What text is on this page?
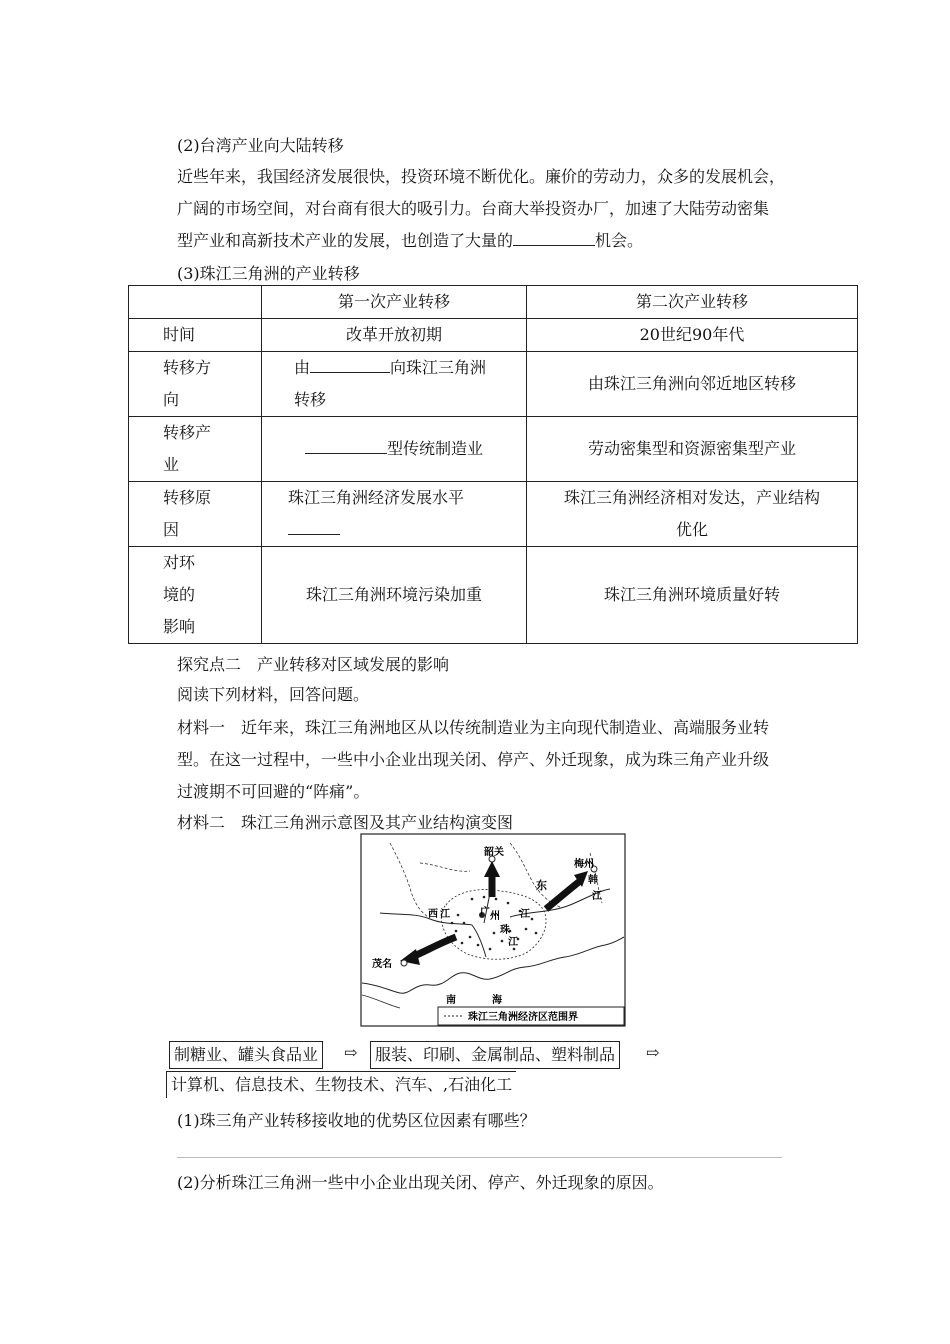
(2)台湾产业向大陆转移
近些年来，我国经济发展很快，投资环境不断优化。廉价的劳动力，众多的发展机会，
广阔的市场空间，对台商有很大的吸引力。台商大举投资办厂，加速了大陆劳动密集
型产业和高新技术产业的发展，也创造了大量的	机会。
(3)珠江三角洲的产业转移
	第一次产业转移	第二次产业转移

时间	改革开放初期	20世纪90年代

转移方向	由 向珠江三角洲转移	由珠江三角洲向邻近地区转移

转移产业	型传统制造业	劳动密集型和资源密集型产业

转移原因	珠江三角洲经济发展水平	珠江三角洲经济相对发达，产业结构优化

对环境的影响	珠江三角洲环境污染加重	珠江三角洲环境质量好转
探究点二　产业转移对区域发展的影响
阅读下列材料，回答问题。
材料一　近年来，珠江三角洲地区从以传统制造业为主向现代制造业、高端服务业转
型。在这一过程中，一些中小企业出现关闭、停产、外迁现象，成为珠三角产业升级
过渡期不可回避的“阵痛”。
材料二　珠江三角洲示意图及其产业结构演变图
韶关
梅州
韩
江
东
西 江	广 州 江
珠
江
茂名
南	海
珠江三角洲经济区范围界
制糖业、罐头食品业	⇨	服装、印刷、金属制品、塑料制品	⇨
计算机、信息技术、生物技术、汽车、,石油化工
(1)珠三角产业转移接收地的优势区位因素有哪些？
(2)分析珠江三角洲一些中小企业出现关闭、停产、外迁现象的原因。
